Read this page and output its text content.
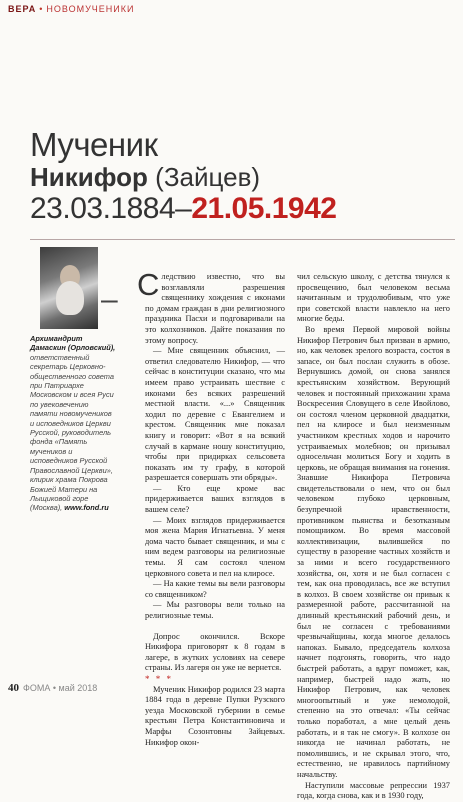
ВЕРА • НОВОМУЧЕНИКИ
Мученик
Никифор (Зайцев)
23.03.1884–21.05.1942
Архимандрит Дамаскин (Орловский), ответственный секретарь Церковно-общественного совета при Патриархе Московском и всея Руси по увековечению памяти новомучеников и исповедников Церкви Русской, руководитель фонда «Память мучеников и исповедников Русской Православной Церкви», клирик храма Покрова Божией Матери на Лыщиковой горе (Москва), www.fond.ru
– Следствию известно, что вы возглавляли разрешения священнику хождения с иконами по домам граждан в дни религиозного праздника Пасхи и подговаривали на это колхозников. Дайте показания по этому вопросу.

— Мне священник объяснил, — ответил следователю Никифор, — что сейчас в конституции сказано, что мы имеем право устраивать шествие с иконами без всяких разрешений местной власти. «...» Священник ходил по деревне с Евангелием и крестом. Священник мне показал книгу и говорит: «Вот я на всякий случай в кармане ношу конституцию, чтобы при придирках сельсовета показать им ту графу, в которой разрешается совершать эти обряды».

— Кто еще кроме вас придерживается ваших взглядов в вашем селе?

— Моих взглядов придерживается моя жена Мария Игнатьевна. У меня дома часто бывает священник, и мы с ним ведем разговоры на религиозные темы. Я сам состоял членом церковного совета и пел на клиросе.

— На какие темы вы вели разговоры со священником?

— Мы разговоры вели только на религиозные темы.

Допрос окончился. Вскоре Никифора приговорят к 8 годам в лагере, в жутких условиях на севере страны. Из лагеря он уже не вернется.

* * *

Мученик Никифор родился 23 марта 1884 года в деревне Пупки Рузского уезда Московской губернии в семье крестьян Петра Константиновича и Марфы Созонтовны Зайцевых. Никифор окон-

чил сельскую школу, с детства тянулся к просвещению, был человеком весьма начитанным и трудолюбивым, что уже при советской власти навлекло на него многие беды.

Во время Первой мировой войны Никифор Петрович был призван в армию, но, как человек зрелого возраста, состоя в запасе, он был послан служить в обозе. Вернувшись домой, он снова занялся крестьянским хозяйством. Верующий человек и постоянный прихожанин храма Воскресения Словущего в селе Ивойлово, он состоял членом церковной двадцатки, пел на клиросе и был неизменным участником крестных ходов и нарочито устраиваемых молебнов; он призывал односельчан молиться Богу и ходить в церковь, не обращая внимания на гонения. Знавшие Никифора Петровича свидетельствовали о нем, что он был человеком глубоко церковным, безупречной нравственности, противником пьянства и безотказным помощником. Во время массовой коллективизации, вылившейся по существу в разорение частных хозяйств и за ними и всего государственного хозяйства, он, хотя и не был согласен с тем, как она проводилась, все же вступил в колхоз. В своем хозяйстве он привык к размеренной работе, рассчитанной на длинный крестьянский рабочий день, и был не согласен с требованиями чрезвычайщины, когда многое делалось напоказ. Бывало, председатель колхоза начнет подгонять, говорить, что надо быстрей работать, а вдруг поможет, как, например, быстрей надо жать, но Никифор Петрович, как человек многоопытный и уже немолодой, степенно на это отвечал: «Ты сейчас только поработал, а мне целый день работать, и я так не смогу». В колхозе он никогда не начинал работать, не помолившись, и не скрывал этого, что, естественно, не нравилось партийному начальству.

Наступили массовые репрессии 1937 года, когда снова, как и в 1930 году,

40 ФОМА • май 2018
